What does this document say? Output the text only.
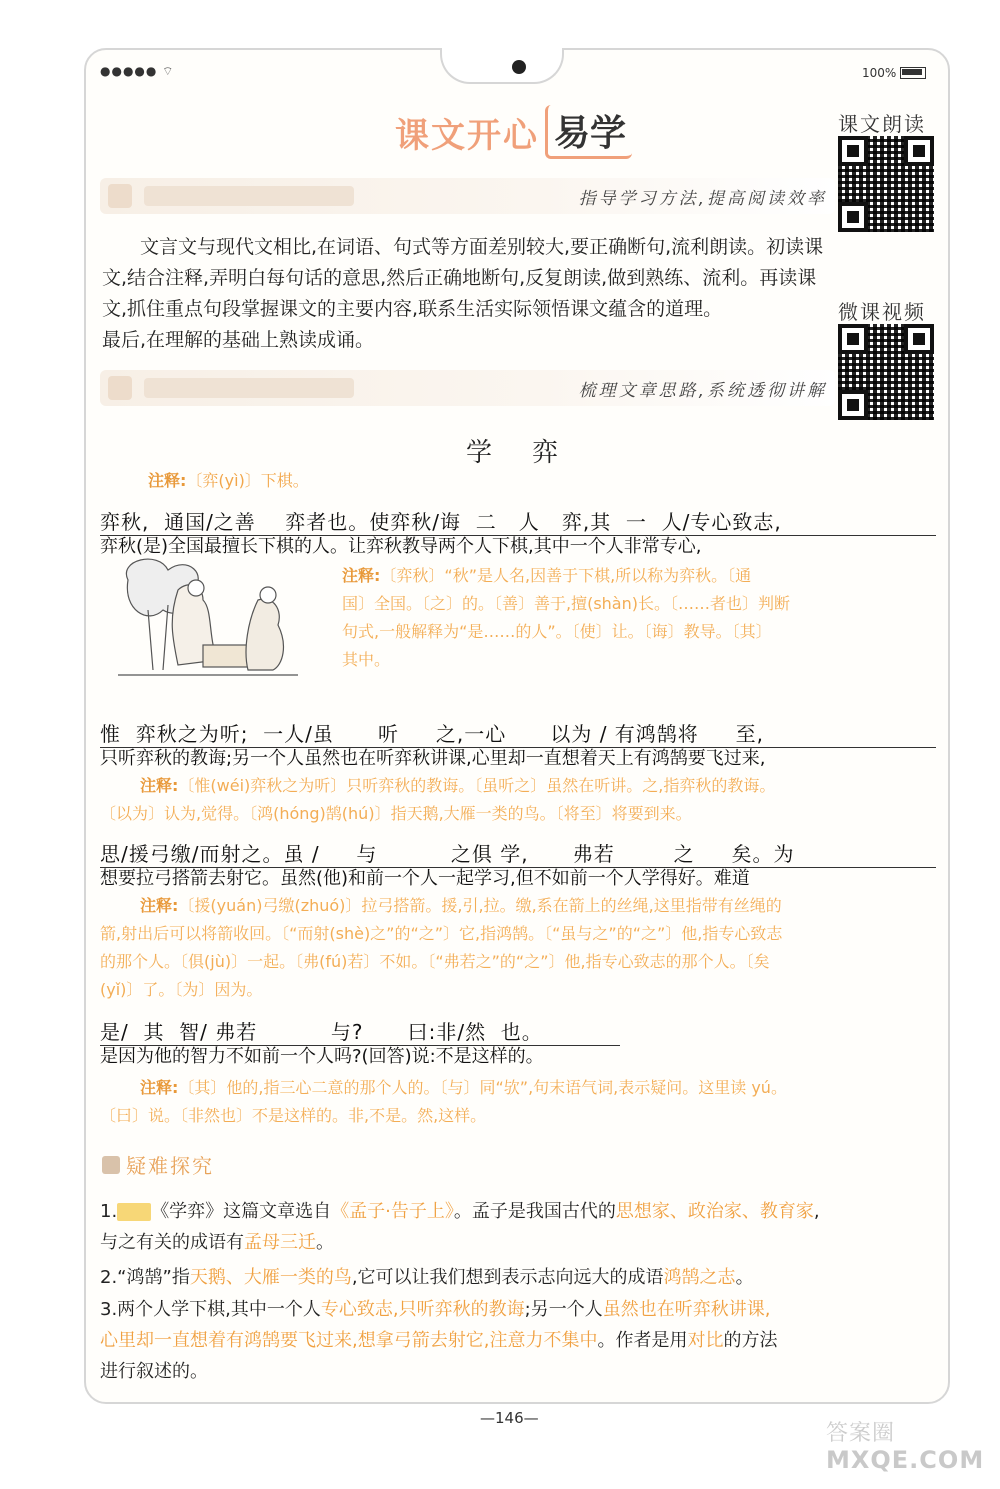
●●●●● ⌔	100%
课文开心 易学	课文朗读
指导学习方法,提高阅读效率

文言文与现代文相比,在词语、句式等方面差别较大,要正确断句,流利朗读。初读课

文,结合注释,弄明白每句话的意思,然后正确地断句,反复朗读,做到熟练、流利。再读课

文,抓住重点句段掌握课文的主要内容,联系生活实际领悟课文蕴含的道理。

最后,在理解的基础上熟读成诵。

微课视频
梳理文章思路,系统透彻讲解
学弈
注释:〔弈(yì)〕下棋。
弈秋,  通国/之善    弈者也。使弈秋/诲  二   人   弈,其  一  人/专心致志,
弈秋(是)全国最擅长下棋的人。让弈秋教导两个人下棋,其中一个人非常专心,
注释:〔弈秋〕“秋”是人名,因善于下棋,所以称为弈秋。〔通
国〕全国。〔之〕的。〔善〕善于,擅(shàn)长。〔……者也〕判断
句式,一般解释为“是……的人”。〔使〕让。〔诲〕教导。〔其〕
其中。
惟  弈秋之为听;  一人/虽      听     之,一心      以为 / 有鸿鹄将     至,
只听弈秋的教诲;另一个人虽然也在听弈秋讲课,心里却一直想着天上有鸿鹄要飞过来,
注释:〔惟(wéi)弈秋之为听〕只听弈秋的教诲。〔虽听之〕虽然在听讲。之,指弈秋的教诲。
〔以为〕认为,觉得。〔鸿(hóng)鹄(hú)〕指天鹅,大雁一类的鸟。〔将至〕将要到来。
思/援弓缴/而射之。虽 /     与          之俱 学,      弗若        之     矣。为
想要拉弓搭箭去射它。虽然(他)和前一个人一起学习,但不如前一个人学得好。难道
注释:〔援(yuán)弓缴(zhuó)〕拉弓搭箭。援,引,拉。缴,系在箭上的丝绳,这里指带有丝绳的
箭,射出后可以将箭收回。〔“而射(shè)之”的“之”〕它,指鸿鹄。〔“虽与之”的“之”〕他,指专心致志
的那个人。〔俱(jù)〕一起。〔弗(fú)若〕不如。〔“弗若之”的“之”〕他,指专心致志的那个人。〔矣
(yǐ)〕了。〔为〕因为。
是/  其  智/ 弗若          与?      曰:非/然  也。
是因为他的智力不如前一个人吗?(回答)说:不是这样的。
注释:〔其〕他的,指三心二意的那个人的。〔与〕同“欤”,句末语气词,表示疑问。这里读 yú。
〔曰〕说。〔非然也〕不是这样的。非,不是。然,这样。
疑难探究
1. 《学弈》这篇文章选自《孟子·告子上》。孟子是我国古代的思想家、政治家、教育家,
与之有关的成语有孟母三迁。
2.“鸿鹄”指天鹅、大雁一类的鸟,它可以让我们想到表示志向远大的成语鸿鹄之志。
3.两个人学下棋,其中一个人专心致志,只听弈秋的教诲;另一个人虽然也在听弈秋讲课,
心里却一直想着有鸿鹄要飞过来,想拿弓箭去射它,注意力不集中。作者是用对比的方法
进行叙述的。
—146—
答案圈
MXQE.COM
